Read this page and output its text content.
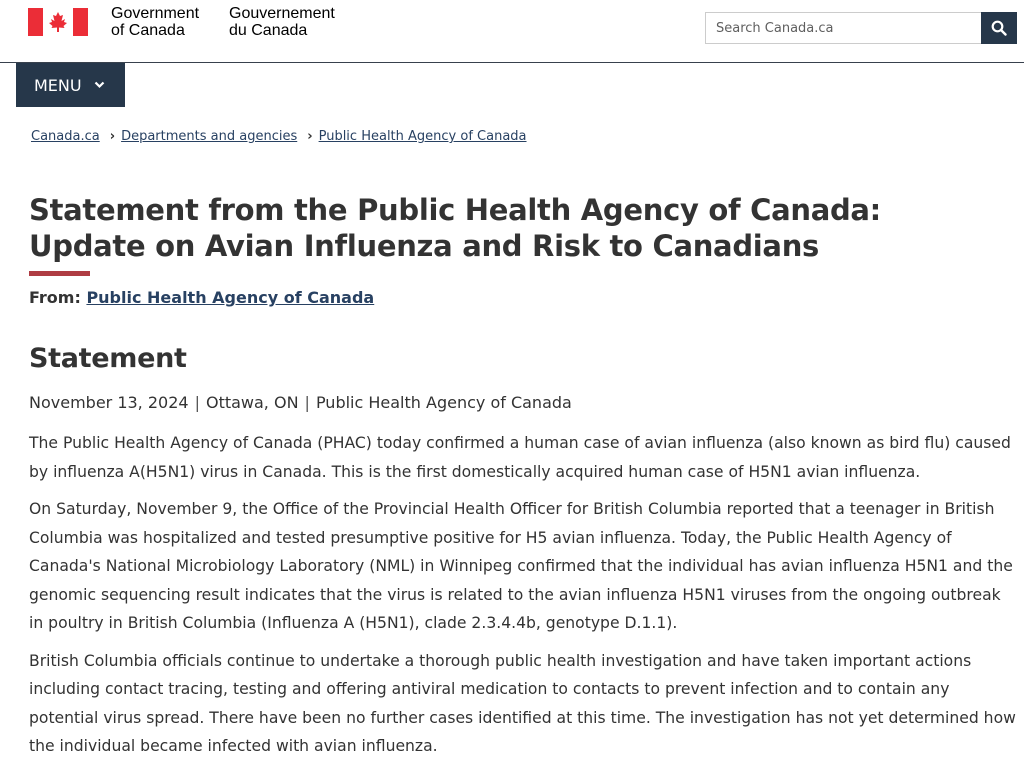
Government
of Canada
Gouvernement
du Canada
Search Canada.ca
MENU
Canada.ca › Departments and agencies › Public Health Agency of Canada
Statement from the Public Health Agency of Canada: Update on Avian Influenza and Risk to Canadians
From: Public Health Agency of Canada
Statement
November 13, 2024 | Ottawa, ON | Public Health Agency of Canada

The Public Health Agency of Canada (PHAC) today confirmed a human case of avian influenza (also known as bird flu) caused by influenza A(H5N1) virus in Canada. This is the first domestically acquired human case of H5N1 avian influenza.

On Saturday, November 9, the Office of the Provincial Health Officer for British Columbia reported that a teenager in British Columbia was hospitalized and tested presumptive positive for H5 avian influenza. Today, the Public Health Agency of Canada's National Microbiology Laboratory (NML) in Winnipeg confirmed that the individual has avian influenza H5N1 and the genomic sequencing result indicates that the virus is related to the avian influenza H5N1 viruses from the ongoing outbreak in poultry in British Columbia (Influenza A (H5N1), clade 2.3.4.4b, genotype D.1.1).

British Columbia officials continue to undertake a thorough public health investigation and have taken important actions including contact tracing, testing and offering antiviral medication to contacts to prevent infection and to contain any potential virus spread. There have been no further cases identified at this time. The investigation has not yet determined how the individual became infected with avian influenza.
